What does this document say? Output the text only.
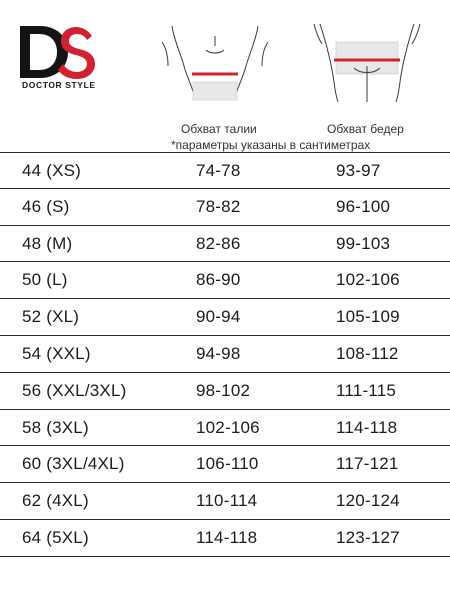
DOCTOR STYLE
Обхват талии	Обхват бедер
*параметры указаны в сантиметрах
44 (XS)	74-78	93-97
46 (S)	78-82	96-100
48 (M)	82-86	99-103
50 (L)	86-90	102-106
52 (XL)	90-94	105-109
54 (XXL)	94-98	108-112
56 (XXL/3XL)	98-102	111-115
58 (3XL)	102-106	114-118
60 (3XL/4XL)	106-110	117-121
62 (4XL)	110-114	120-124
64 (5XL)	114-118	123-127
